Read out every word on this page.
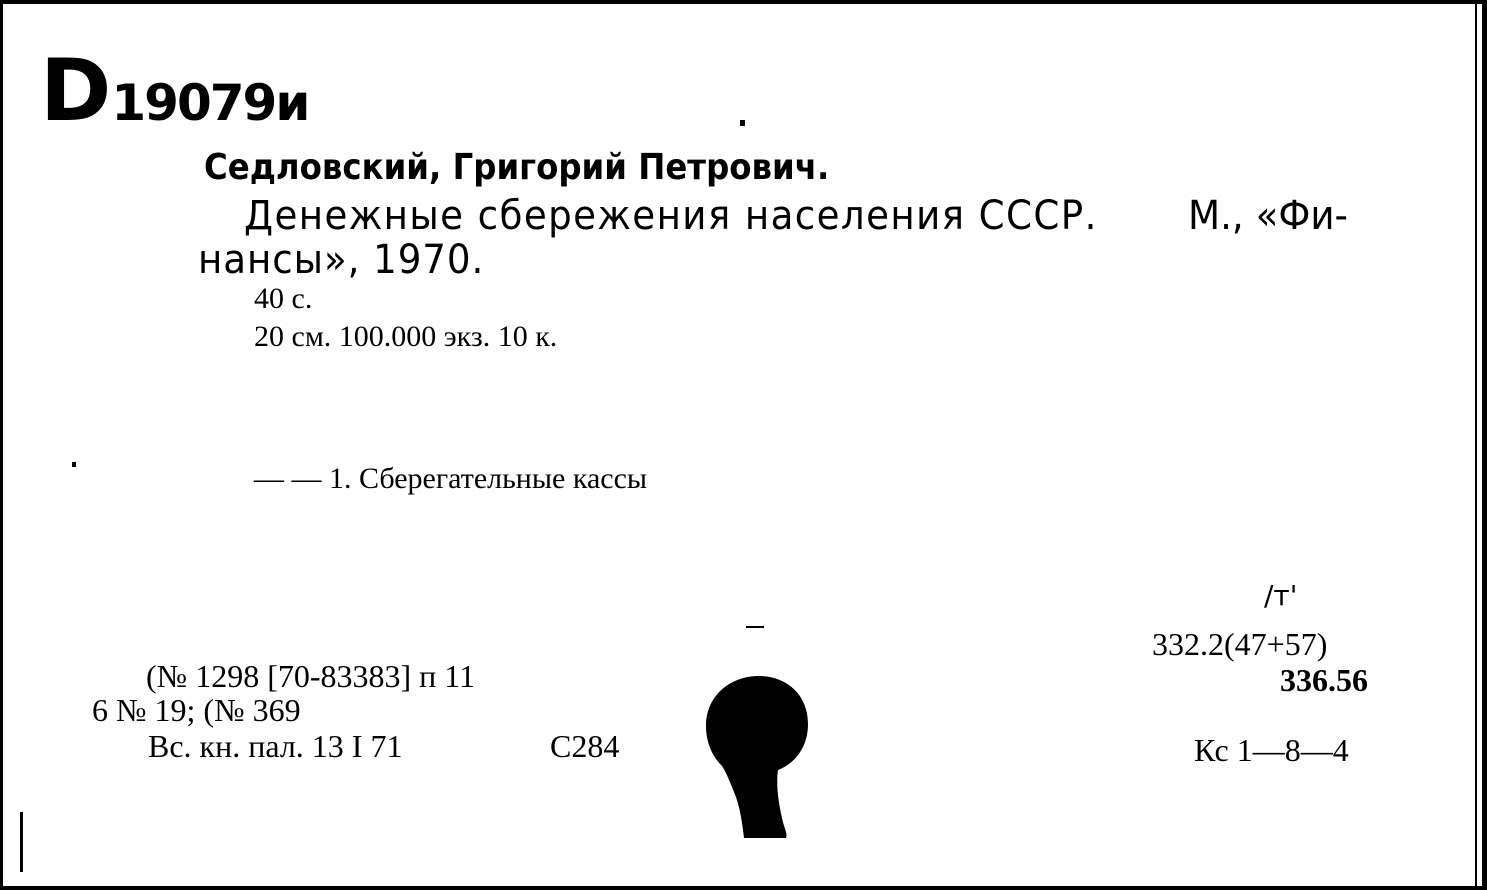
D19079и
Седловский, Григорий Петрович.
Денежные сбережения населения СССР. М., «Фи-
нансы», 1970.
40 с.
20 см. 100.000 экз. 10 к.
— — 1. Сберегательные кассы
(№ 1298 [70-83383] п 11
6 № 19; (№ 369
Вс. кн. пал. 13 I 71	С284
/т'
332.2(47+57)
336.56
Кс 1—8—4
